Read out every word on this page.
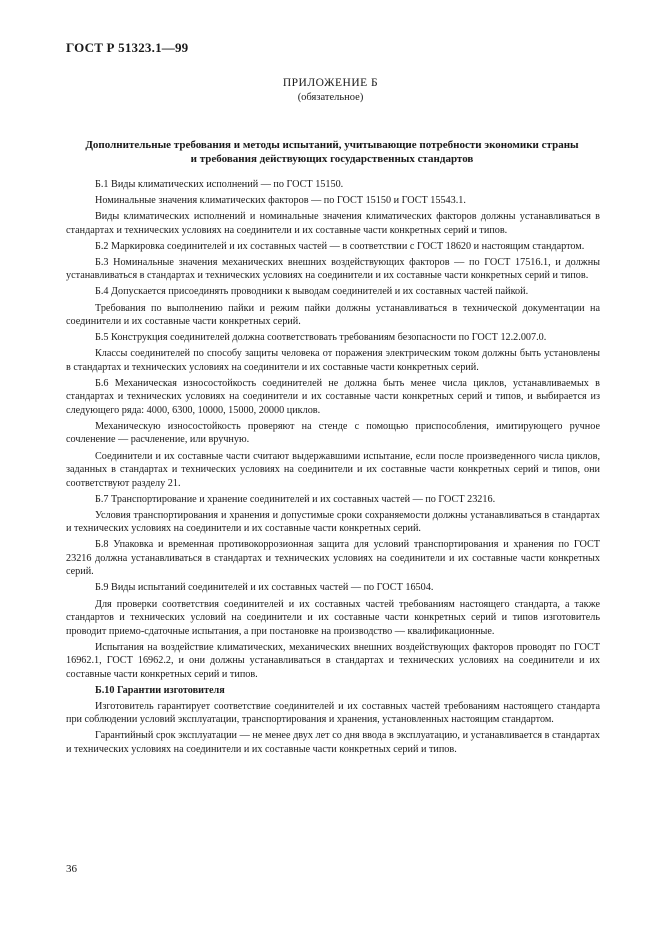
ГОСТ Р 51323.1—99
ПРИЛОЖЕНИЕ Б
(обязательное)
Дополнительные требования и методы испытаний, учитывающие потребности экономики страны
и требования действующих государственных стандартов

Б.1 Виды климатических исполнений — по ГОСТ 15150.

Номинальные значения климатических факторов — по ГОСТ 15150 и ГОСТ 15543.1.

Виды климатических исполнений и номинальные значения климатических факторов должны устанавливаться в стандартах и технических условиях на соединители и их составные части конкретных серий и типов.

Б.2 Маркировка соединителей и их составных частей — в соответствии с ГОСТ 18620 и настоящим стандартом.

Б.3 Номинальные значения механических внешних воздействующих факторов — по ГОСТ 17516.1, и должны устанавливаться в стандартах и технических условиях на соединители и их составные части конкретных серий и типов.

Б.4 Допускается присоединять проводники к выводам соединителей и их составных частей пайкой.

Требования по выполнению пайки и режим пайки должны устанавливаться в технической документации на соединители и их составные части конкретных серий.

Б.5 Конструкция соединителей должна соответствовать требованиям безопасности по ГОСТ 12.2.007.0.

Классы соединителей по способу защиты человека от поражения электрическим током должны быть установлены в стандартах и технических условиях на соединители и их составные части конкретных серий.

Б.6 Механическая износостойкость соединителей не должна быть менее числа циклов, устанавливаемых в стандартах и технических условиях на соединители и их составные части конкретных серий и типов, и выбирается из следующего ряда: 4000, 6300, 10000, 15000, 20000 циклов.

Механическую износостойкость проверяют на стенде с помощью приспособления, имитирующего ручное сочленение — расчленение, или вручную.

Соединители и их составные части считают выдержавшими испытание, если после произведенного числа циклов, заданных в стандартах и технических условиях на соединители и их составные части конкретных серий и типов, они соответствуют разделу 21.

Б.7 Транспортирование и хранение соединителей и их составных частей — по ГОСТ 23216.

Условия транспортирования и хранения и допустимые сроки сохраняемости должны устанавливаться в стандартах и технических условиях на соединители и их составные части конкретных серий.

Б.8 Упаковка и временная противокоррозионная защита для условий транспортирования и хранения по ГОСТ 23216 должна устанавливаться в стандартах и технических условиях на соединители и их составные части конкретных серий.

Б.9 Виды испытаний соединителей и их составных частей — по ГОСТ 16504.

Для проверки соответствия соединителей и их составных частей требованиям настоящего стандарта, а также стандартов и технических условий на соединители и их составные части конкретных серий и типов изготовитель проводит приемо-сдаточные испытания, а при постановке на производство — квалификационные.

Испытания на воздействие климатических, механических внешних воздействующих факторов проводят по ГОСТ 16962.1, ГОСТ 16962.2, и они должны устанавливаться в стандартах и технических условиях на соединители и их составные части конкретных серий и типов.

Б.10 Гарантии изготовителя

Изготовитель гарантирует соответствие соединителей и их составных частей требованиям настоящего стандарта при соблюдении условий эксплуатации, транспортирования и хранения, установленных настоящим стандартом.

Гарантийный срок эксплуатации — не менее двух лет со дня ввода в эксплуатацию, и устанавливается в стандартах и технических условиях на соединители и их составные части конкретных серий и типов.

36
